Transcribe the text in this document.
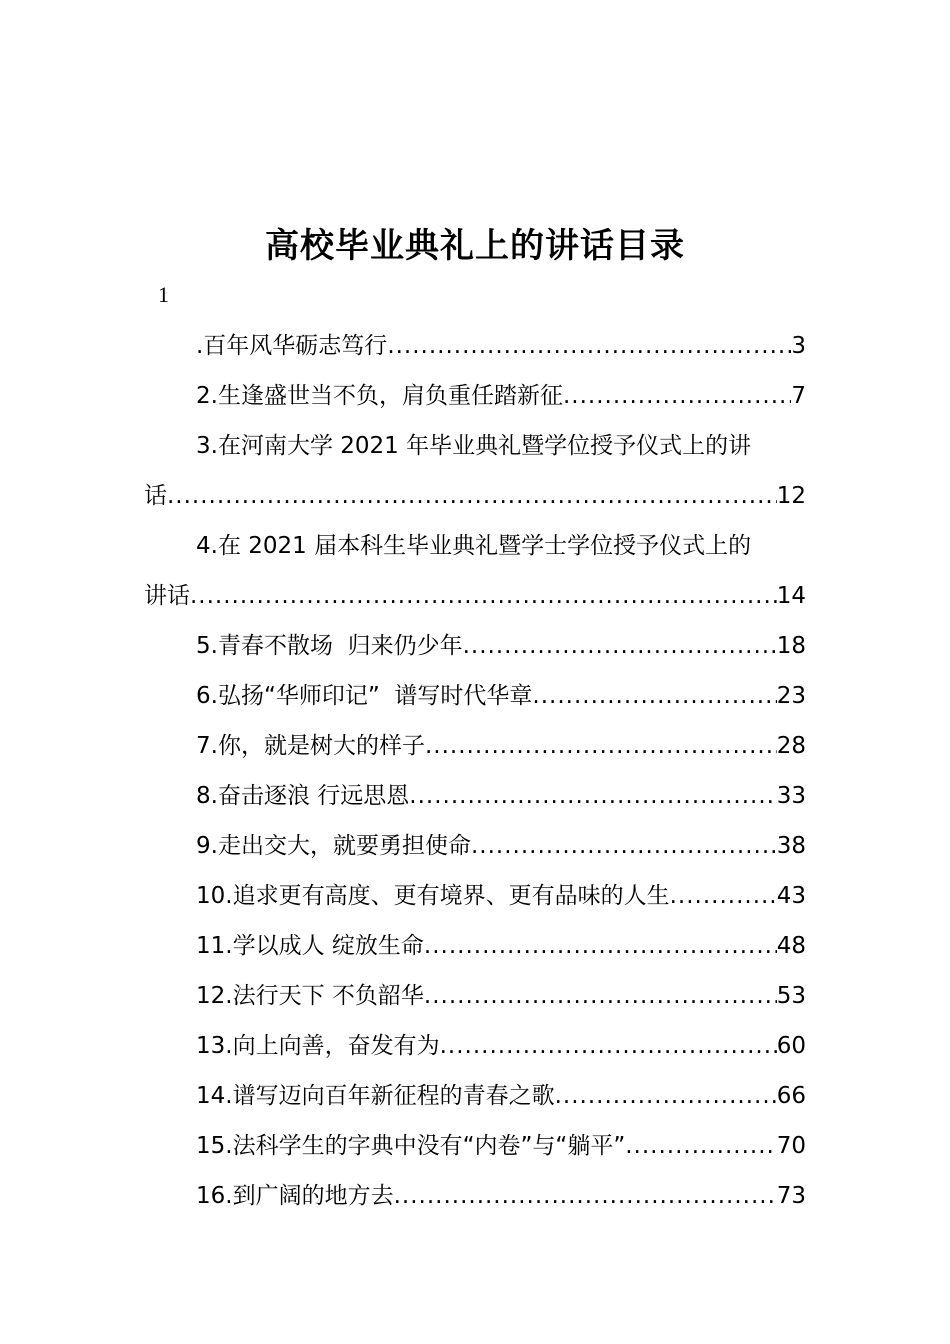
高校毕业典礼上的讲话目录
1
.百年风华砺志笃行 .....	3
2.生逢盛世当不负，肩负重任踏新征 .....	7
3.在河南大学 2021 年毕业典礼暨学位授予仪式上的讲
话 .....	12
4.在 2021 届本科生毕业典礼暨学士学位授予仪式上的
讲话 .....	14
5.青春不散场  归来仍少年 .....	18
6.弘扬“华师印记”  谱写时代华章 .....	23
7.你，就是树大的样子 .....	28
8.奋击逐浪 行远思恩 .....	33
9.走出交大，就要勇担使命 .....	38
10.追求更有高度、更有境界、更有品味的人生 .....	43
11.学以成人 绽放生命 .....	48
12.法行天下 不负韶华 .....	53
13.向上向善，奋发有为 .....	60
14.谱写迈向百年新征程的青春之歌 .....	66
15.法科学生的字典中没有“内卷”与“躺平” .....	70
16.到广阔的地方去 .....	73
